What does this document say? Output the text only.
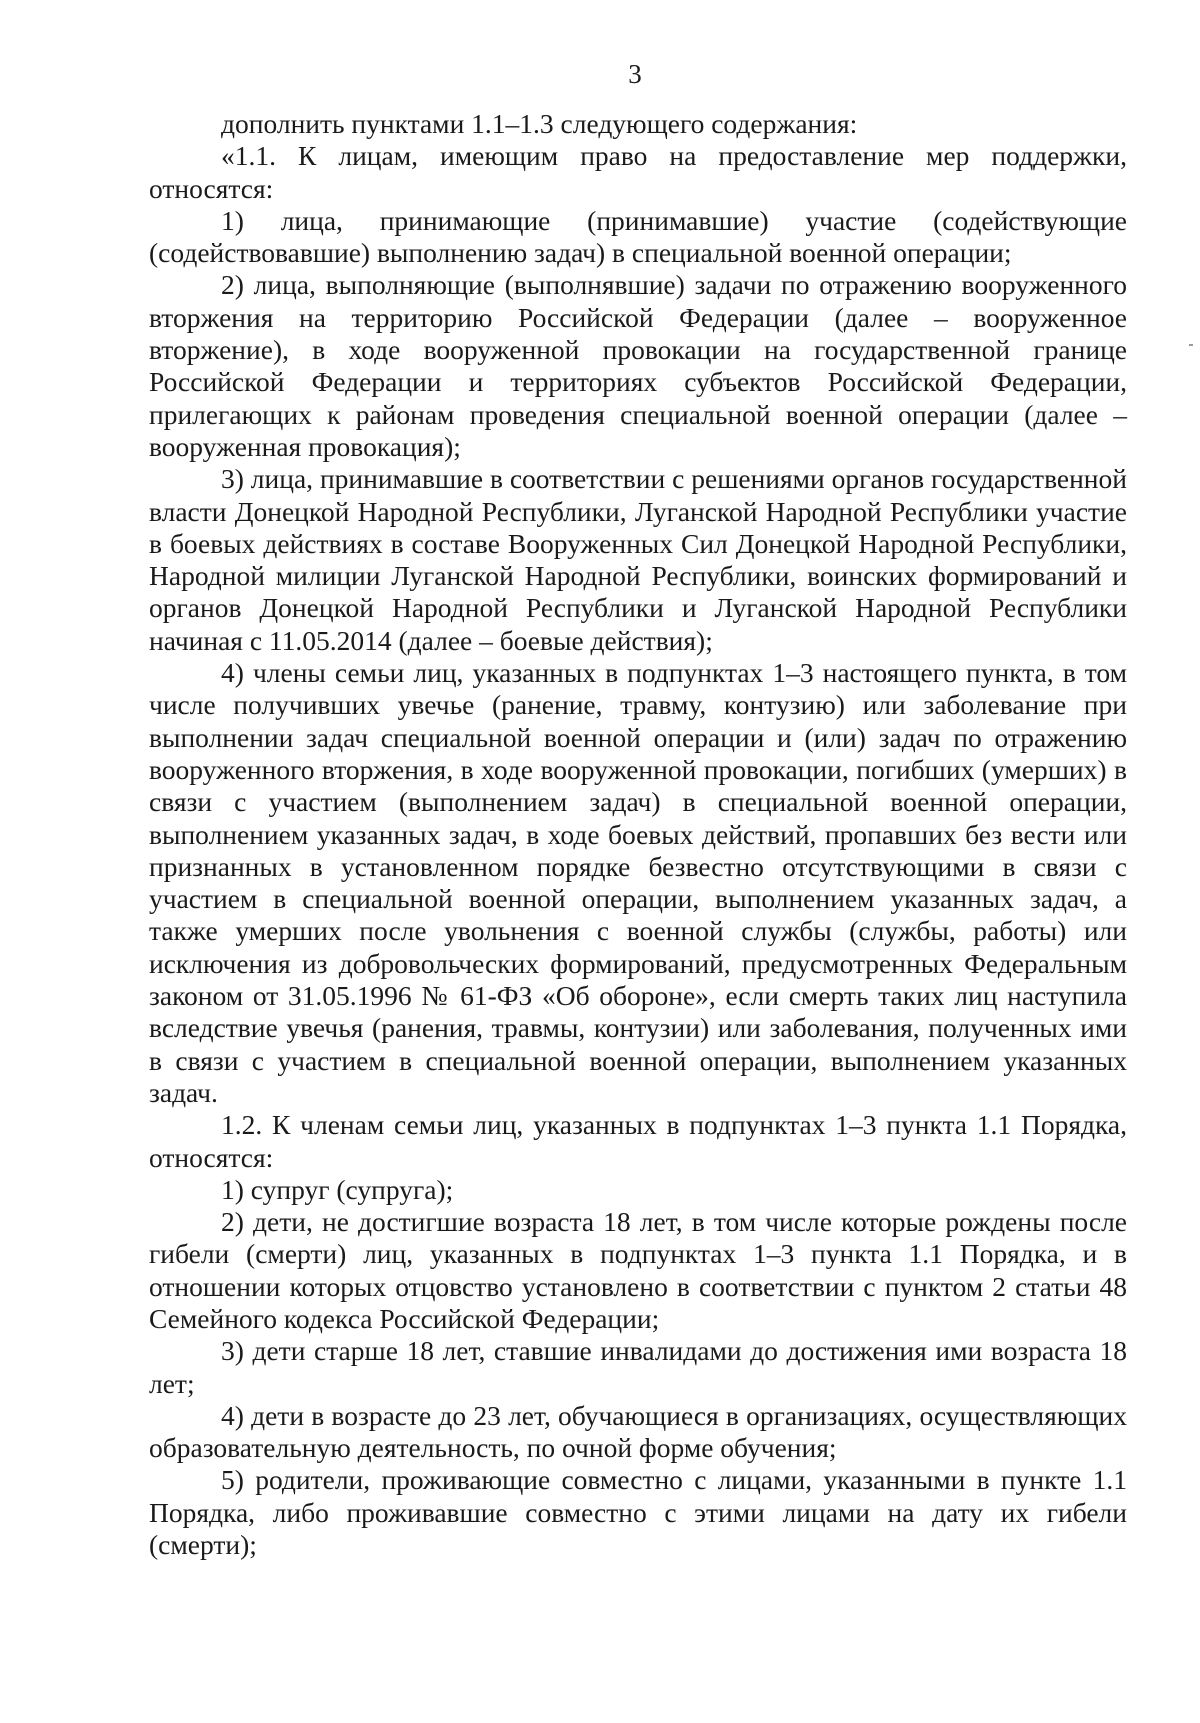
3

дополнить пунктами 1.1–1.3 следующего содержания:

«1.1. К лицам, имеющим право на предоставление мер поддержки, относятся:

1) лица, принимающие (принимавшие) участие (содействующие (содействовавшие) выполнению задач) в специальной военной операции;

2) лица, выполняющие (выполнявшие) задачи по отражению вооруженного вторжения на территорию Российской Федерации (далее – вооруженное вторжение), в ходе вооруженной провокации на государственной границе Российской Федерации и территориях субъектов Российской Федерации, прилегающих к районам проведения специальной военной операции (далее – вооруженная провокация);

3) лица, принимавшие в соответствии с решениями органов государственной власти Донецкой Народной Республики, Луганской Народной Республики участие в боевых действиях в составе Вооруженных Сил Донецкой Народной Республики, Народной милиции Луганской Народной Республики, воинских формирований и органов Донецкой Народной Республики и Луганской Народной Республики начиная с 11.05.2014 (далее – боевые действия);

4) члены семьи лиц, указанных в подпунктах 1–3 настоящего пункта, в том числе получивших увечье (ранение, травму, контузию) или заболевание при выполнении задач специальной военной операции и (или) задач по отражению вооруженного вторжения, в ходе вооруженной провокации, погибших (умерших) в связи с участием (выполнением задач) в специальной военной операции, выполнением указанных задач, в ходе боевых действий, пропавших без вести или признанных в установленном порядке безвестно отсутствующими в связи с участием в специальной военной операции, выполнением указанных задач, а также умерших после увольнения с военной службы (службы, работы) или исключения из добровольческих формирований, предусмотренных Федеральным законом от 31.05.1996 № 61-ФЗ «Об обороне», если смерть таких лиц наступила вследствие увечья (ранения, травмы, контузии) или заболевания, полученных ими в связи с участием в специальной военной операции, выполнением указанных задач.

1.2. К членам семьи лиц, указанных в подпунктах 1–3 пункта 1.1 Порядка, относятся:

1) супруг (супруга);

2) дети, не достигшие возраста 18 лет, в том числе которые рождены после гибели (смерти) лиц, указанных в подпунктах 1–3 пункта 1.1 Порядка, и в отношении которых отцовство установлено в соответствии с пунктом 2 статьи 48 Семейного кодекса Российской Федерации;

3) дети старше 18 лет, ставшие инвалидами до достижения ими возраста 18 лет;

4) дети в возрасте до 23 лет, обучающиеся в организациях, осуществляющих образовательную деятельность, по очной форме обучения;

5) родители, проживающие совместно с лицами, указанными в пункте 1.1 Порядка, либо проживавшие совместно с этими лицами на дату их гибели (смерти);
